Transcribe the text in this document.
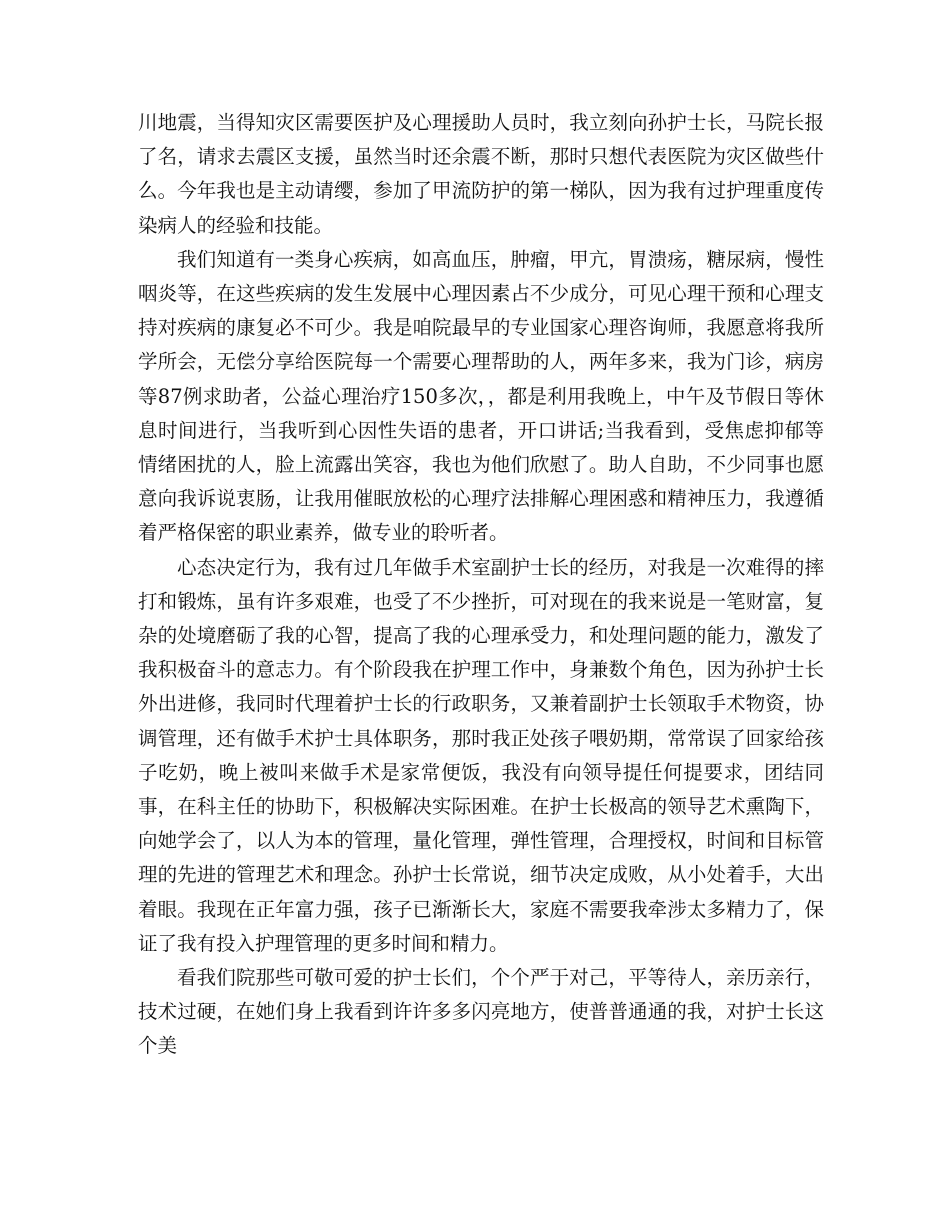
川地震，当得知灾区需要医护及心理援助人员时，我立刻向孙护士长，马院长报了名，请求去震区支援，虽然当时还余震不断，那时只想代表医院为灾区做些什么。今年我也是主动请缨，参加了甲流防护的第一梯队，因为我有过护理重度传染病人的经验和技能。

我们知道有一类身心疾病，如高血压，肿瘤，甲亢，胃溃疡，糖尿病，慢性咽炎等，在这些疾病的发生发展中心理因素占不少成分，可见心理干预和心理支持对疾病的康复必不可少。我是咱院最早的专业国家心理咨询师，我愿意将我所学所会，无偿分享给医院每一个需要心理帮助的人，两年多来，我为门诊，病房等87例求助者，公益心理治疗150多次，，都是利用我晚上，中午及节假日等休息时间进行，当我听到心因性失语的患者，开口讲话;当我看到，受焦虑抑郁等情绪困扰的人，脸上流露出笑容，我也为他们欣慰了。助人自助，不少同事也愿意向我诉说衷肠，让我用催眠放松的心理疗法排解心理困惑和精神压力，我遵循着严格保密的职业素养，做专业的聆听者。

心态决定行为，我有过几年做手术室副护士长的经历，对我是一次难得的摔打和锻炼，虽有许多艰难，也受了不少挫折，可对现在的我来说是一笔财富，复杂的处境磨砺了我的心智，提高了我的心理承受力，和处理问题的能力，激发了我积极奋斗的意志力。有个阶段我在护理工作中，身兼数个角色，因为孙护士长外出进修，我同时代理着护士长的行政职务，又兼着副护士长领取手术物资，协调管理，还有做手术护士具体职务，那时我正处孩子喂奶期，常常误了回家给孩子吃奶，晚上被叫来做手术是家常便饭，我没有向领导提任何提要求，团结同事，在科主任的协助下，积极解决实际困难。在护士长极高的领导艺术熏陶下，向她学会了，以人为本的管理，量化管理，弹性管理，合理授权，时间和目标管理的先进的管理艺术和理念。孙护士长常说，细节决定成败，从小处着手，大出着眼。我现在正年富力强，孩子已渐渐长大，家庭不需要我牵涉太多精力了，保证了我有投入护理管理的更多时间和精力。

看我们院那些可敬可爱的护士长们，个个严于对己，平等待人，亲历亲行，技术过硬，在她们身上我看到许许多多闪亮地方，使普普通通的我，对护士长这个美
